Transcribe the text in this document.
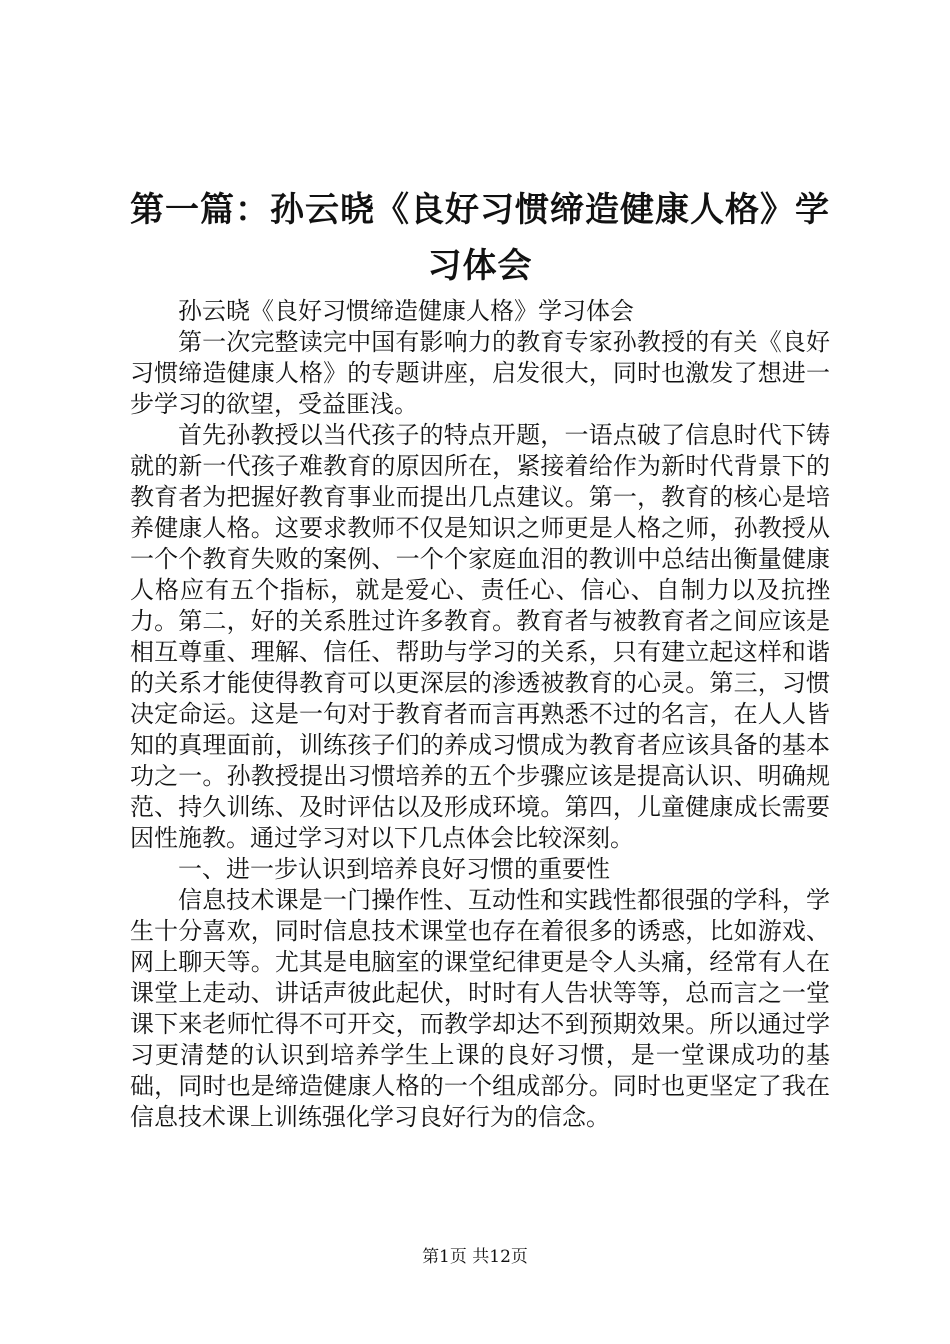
第一篇：孙云晓《良好习惯缔造健康人格》学习体会

孙云晓《良好习惯缔造健康人格》学习体会

第一次完整读完中国有影响力的教育专家孙教授的有关《良好习惯缔造健康人格》的专题讲座，启发很大，同时也激发了想进一步学习的欲望，受益匪浅。

首先孙教授以当代孩子的特点开题，一语点破了信息时代下铸就的新一代孩子难教育的原因所在，紧接着给作为新时代背景下的教育者为把握好教育事业而提出几点建议。第一，教育的核心是培养健康人格。这要求教师不仅是知识之师更是人格之师，孙教授从一个个教育失败的案例、一个个家庭血泪的教训中总结出衡量健康人格应有五个指标，就是爱心、责任心、信心、自制力以及抗挫力。第二，好的关系胜过许多教育。教育者与被教育者之间应该是相互尊重、理解、信任、帮助与学习的关系，只有建立起这样和谐的关系才能使得教育可以更深层的渗透被教育的心灵。第三，习惯决定命运。这是一句对于教育者而言再熟悉不过的名言，在人人皆知的真理面前，训练孩子们的养成习惯成为教育者应该具备的基本功之一。孙教授提出习惯培养的五个步骤应该是提高认识、明确规范、持久训练、及时评估以及形成环境。第四，儿童健康成长需要因性施教。通过学习对以下几点体会比较深刻。

一、进一步认识到培养良好习惯的重要性

信息技术课是一门操作性、互动性和实践性都很强的学科，学生十分喜欢，同时信息技术课堂也存在着很多的诱惑，比如游戏、网上聊天等。尤其是电脑室的课堂纪律更是令人头痛，经常有人在课堂上走动、讲话声彼此起伏，时时有人告状等等，总而言之一堂课下来老师忙得不可开交，而教学却达不到预期效果。所以通过学习更清楚的认识到培养学生上课的良好习惯，是一堂课成功的基础，同时也是缔造健康人格的一个组成部分。同时也更坚定了我在信息技术课上训练强化学习良好行为的信念。

第1页 共12页
